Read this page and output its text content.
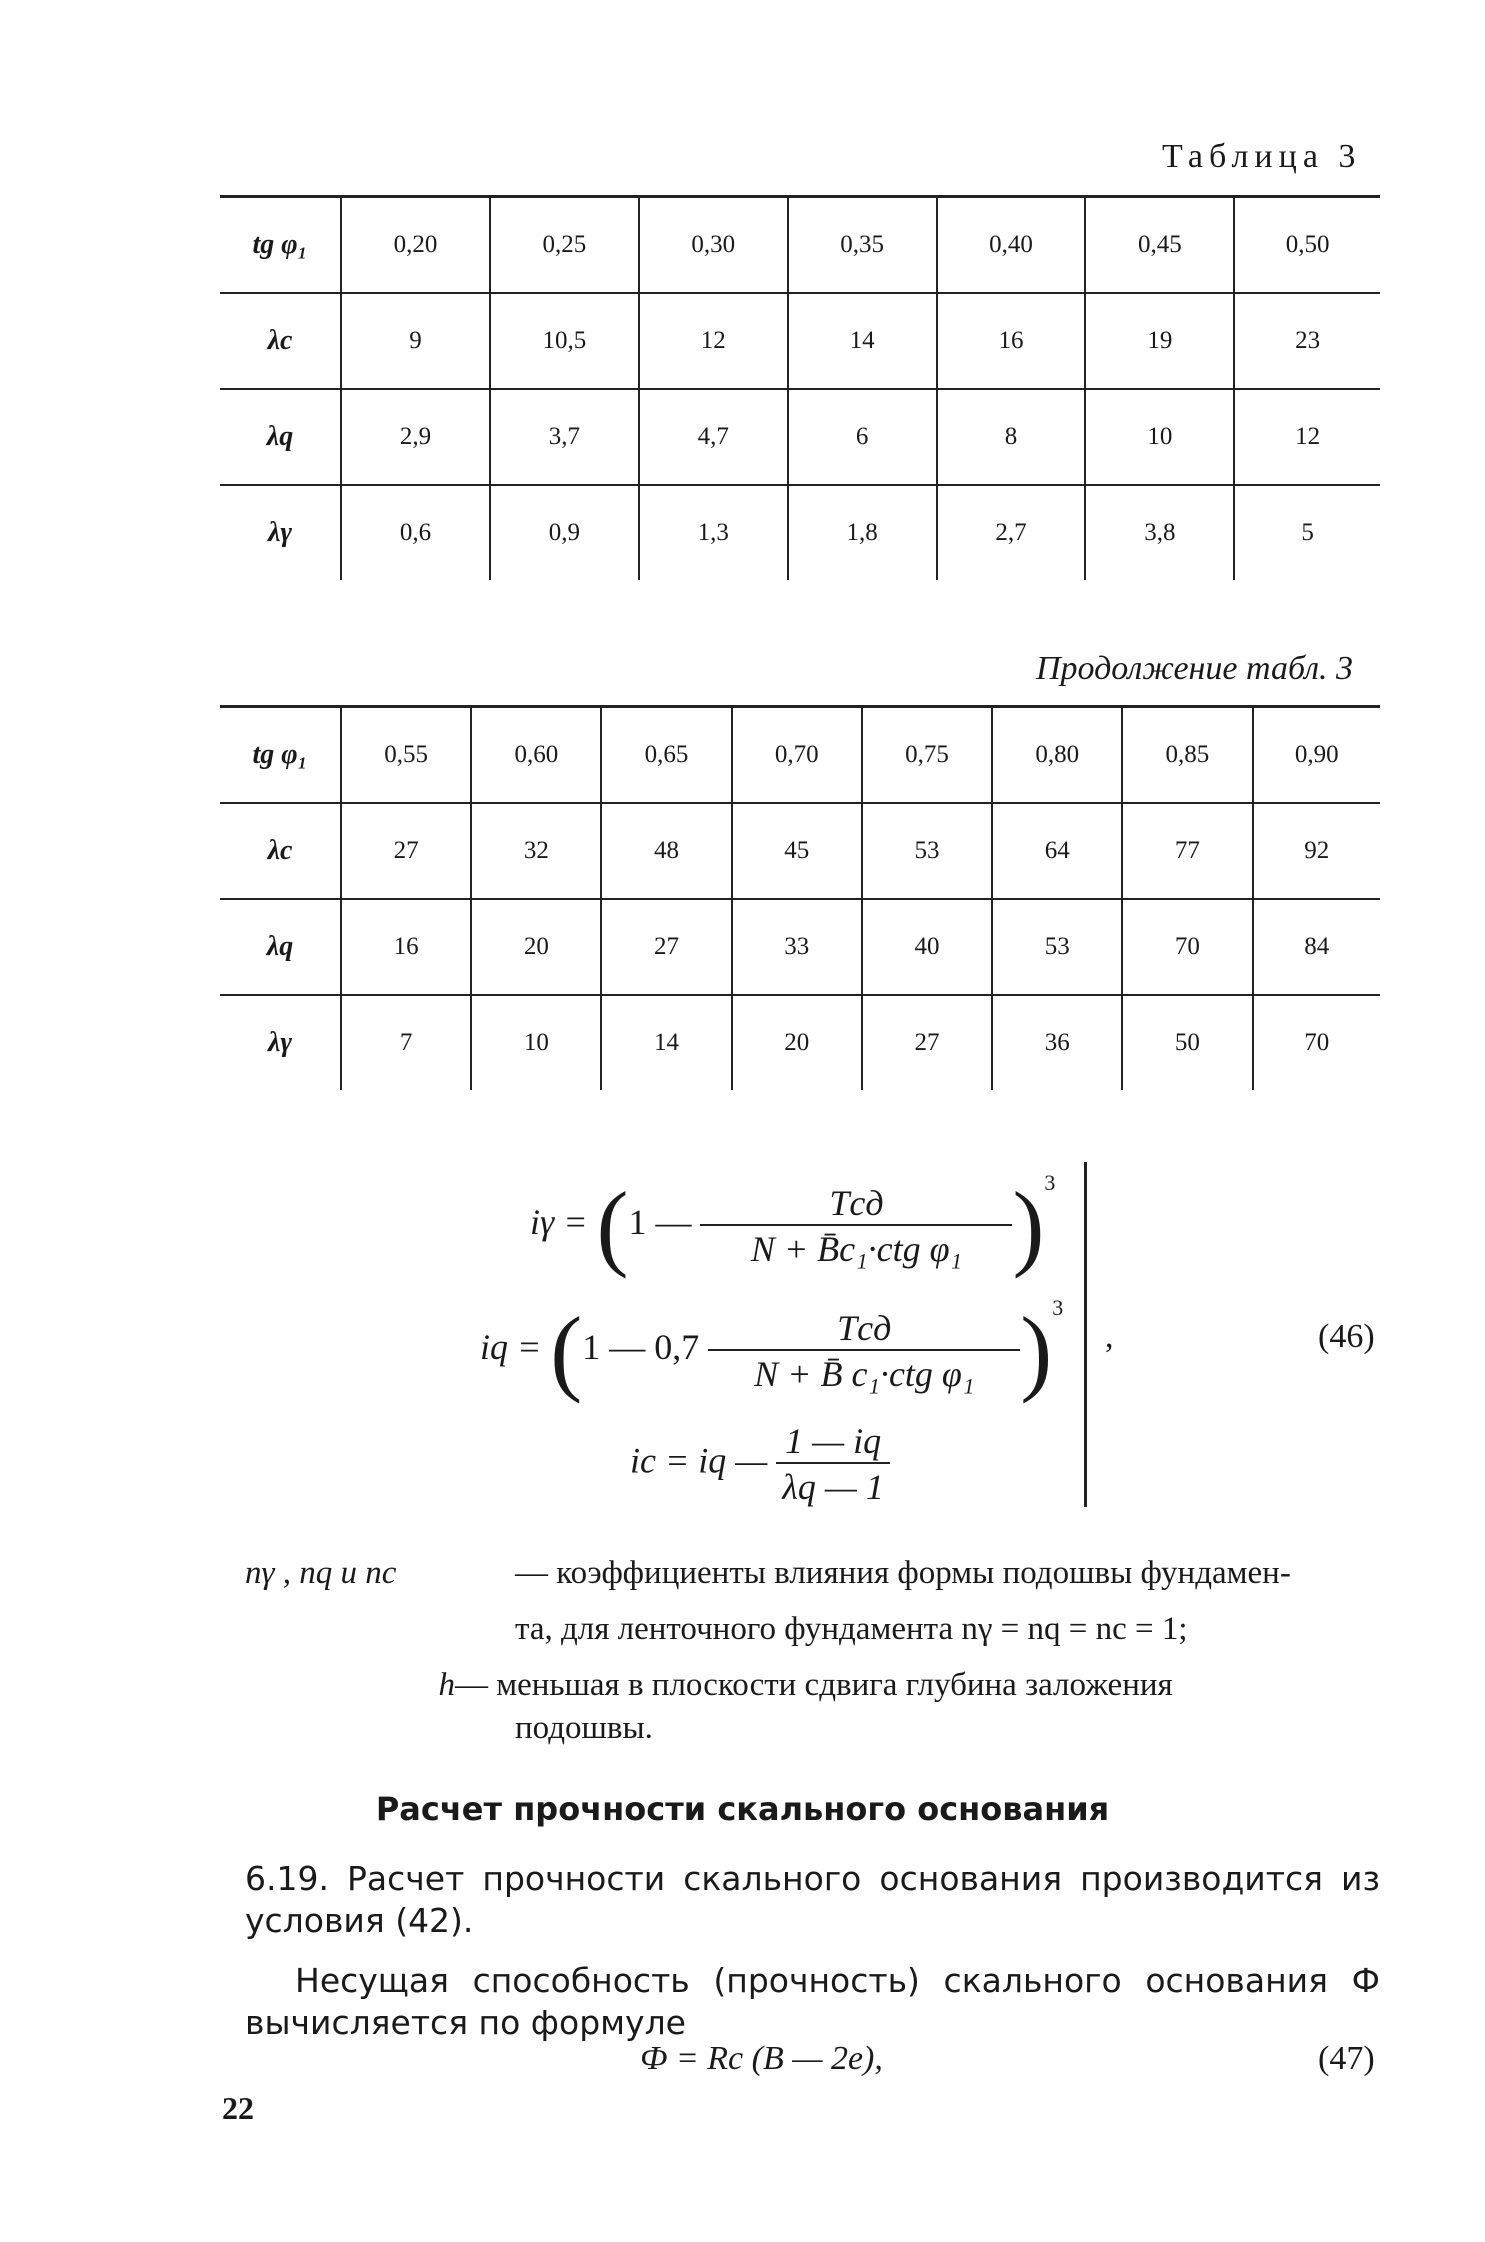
Таблица 3
tg φ₁	0,20	0,25	0,30	0,35	0,40	0,45	0,50
λc	9	10,5	12	14	16	19	23
λq	2,9	3,7	4,7	6	8	10	12
λγ	0,6	0,9	1,3	1,8	2,7	3,8	5
Продолжение табл. 3
tg φ₁	0,55	0,60	0,65	0,70	0,75	0,80	0,85	0,90
λc	27	32	48	45	53	64	77	92
λq	16	20	27	33	40	53	70	84
λγ	7	10	14	20	27	36	50	70
iγ = (1 — $\frac{\text{Tсд}}{\text{N + B̄c₁·ctg φ₁}} )^3$
iq = (1 — $0,7 \frac{\text{Tсд}}{\text{N + B̄ c₁·ctg φ₁}} )^3$
ic = iq — $\frac{1 — iq}{\lambda q — 1}$
,	(46)
nγ , nq и nc	— коэффициенты влияния формы подошвы фундамен-
та, для ленточного фундамента nγ = nq = nc = 1;
h— меньшая в плоскости сдвига глубина заложения
подошвы.
Расчет прочности скального основания
6.19. Расчет прочности скального основания производится из условия (42).
Несущая способность (прочность) скального основания Ф вычисляется по формуле
Ф = Rc (B — 2e),	(47)
22
